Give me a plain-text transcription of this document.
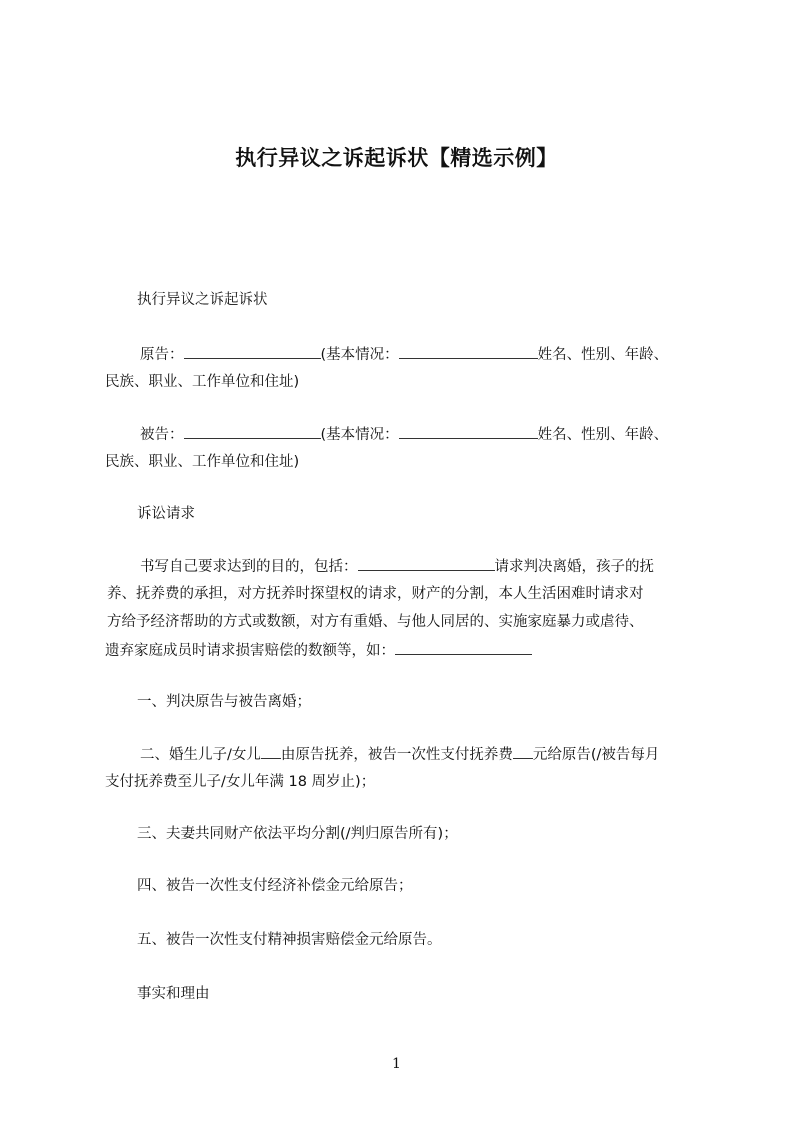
执行异议之诉起诉状【精选示例】
执行异议之诉起诉状
原告：	(基本情况：	姓名、性别、年龄、
民族、职业、工作单位和住址)
被告：	(基本情况：	姓名、性别、年龄、
民族、职业、工作单位和住址)
诉讼请求
书写自己要求达到的目的，包括：	请求判决离婚，孩子的抚
养、抚养费的承担，对方抚养时探望权的请求，财产的分割，本人生活困难时请求对
方给予经济帮助的方式或数额，对方有重婚、与他人同居的、实施家庭暴力或虐待、
遗弃家庭成员时请求损害赔偿的数额等，如：
一、判决原告与被告离婚；
二、婚生儿子/女儿 由原告抚养，被告一次性支付抚养费 元给原告(/被告每月
支付抚养费至儿子/女儿年满 18 周岁止)；
三、夫妻共同财产依法平均分割(/判归原告所有)；
四、被告一次性支付经济补偿金元给原告；
五、被告一次性支付精神损害赔偿金元给原告。
事实和理由
1
